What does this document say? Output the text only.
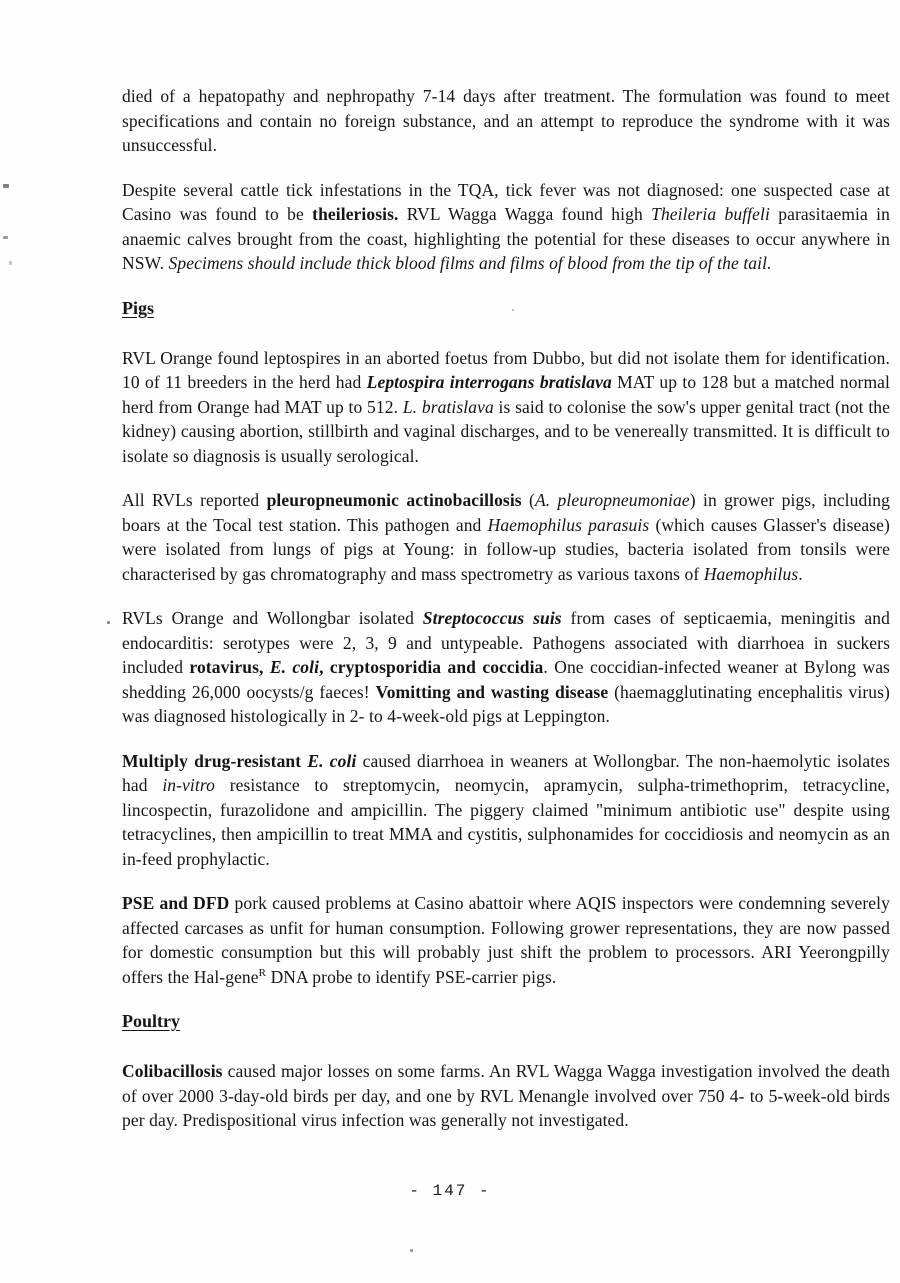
died of a hepatopathy and nephropathy 7-14 days after treatment. The formulation was found to meet specifications and contain no foreign substance, and an attempt to reproduce the syndrome with it was unsuccessful.

Despite several cattle tick infestations in the TQA, tick fever was not diagnosed: one suspected case at Casino was found to be theileriosis. RVL Wagga Wagga found high Theileria buffeli parasitaemia in anaemic calves brought from the coast, highlighting the potential for these diseases to occur anywhere in NSW. Specimens should include thick blood films and films of blood from the tip of the tail.

Pigs

RVL Orange found leptospires in an aborted foetus from Dubbo, but did not isolate them for identification. 10 of 11 breeders in the herd had Leptospira interrogans bratislava MAT up to 128 but a matched normal herd from Orange had MAT up to 512. L. bratislava is said to colonise the sow's upper genital tract (not the kidney) causing abortion, stillbirth and vaginal discharges, and to be venereally transmitted. It is difficult to isolate so diagnosis is usually serological.

All RVLs reported pleuropneumonic actinobacillosis (A. pleuropneumoniae) in grower pigs, including boars at the Tocal test station. This pathogen and Haemophilus parasuis (which causes Glasser's disease) were isolated from lungs of pigs at Young: in follow-up studies, bacteria isolated from tonsils were characterised by gas chromatography and mass spectrometry as various taxons of Haemophilus.

RVLs Orange and Wollongbar isolated Streptococcus suis from cases of septicaemia, meningitis and endocarditis: serotypes were 2, 3, 9 and untypeable. Pathogens associated with diarrhoea in suckers included rotavirus, E. coli, cryptosporidia and coccidia. One coccidian-infected weaner at Bylong was shedding 26,000 oocysts/g faeces! Vomitting and wasting disease (haemagglutinating encephalitis virus) was diagnosed histologically in 2- to 4-week-old pigs at Leppington.

Multiply drug-resistant E. coli caused diarrhoea in weaners at Wollongbar. The non-haemolytic isolates had in-vitro resistance to streptomycin, neomycin, apramycin, sulpha-trimethoprim, tetracycline, lincospectin, furazolidone and ampicillin. The piggery claimed "minimum antibiotic use" despite using tetracyclines, then ampicillin to treat MMA and cystitis, sulphonamides for coccidiosis and neomycin as an in-feed prophylactic.

PSE and DFD pork caused problems at Casino abattoir where AQIS inspectors were condemning severely affected carcases as unfit for human consumption. Following grower representations, they are now passed for domestic consumption but this will probably just shift the problem to processors. ARI Yeerongpilly offers the Hal-gene$^R$ DNA probe to identify PSE-carrier pigs.

Poultry

Colibacillosis caused major losses on some farms. An RVL Wagga Wagga investigation involved the death of over 2000 3-day-old birds per day, and one by RVL Menangle involved over 750 4- to 5-week-old birds per day. Predispositional virus infection was generally not investigated.

- 147 -
